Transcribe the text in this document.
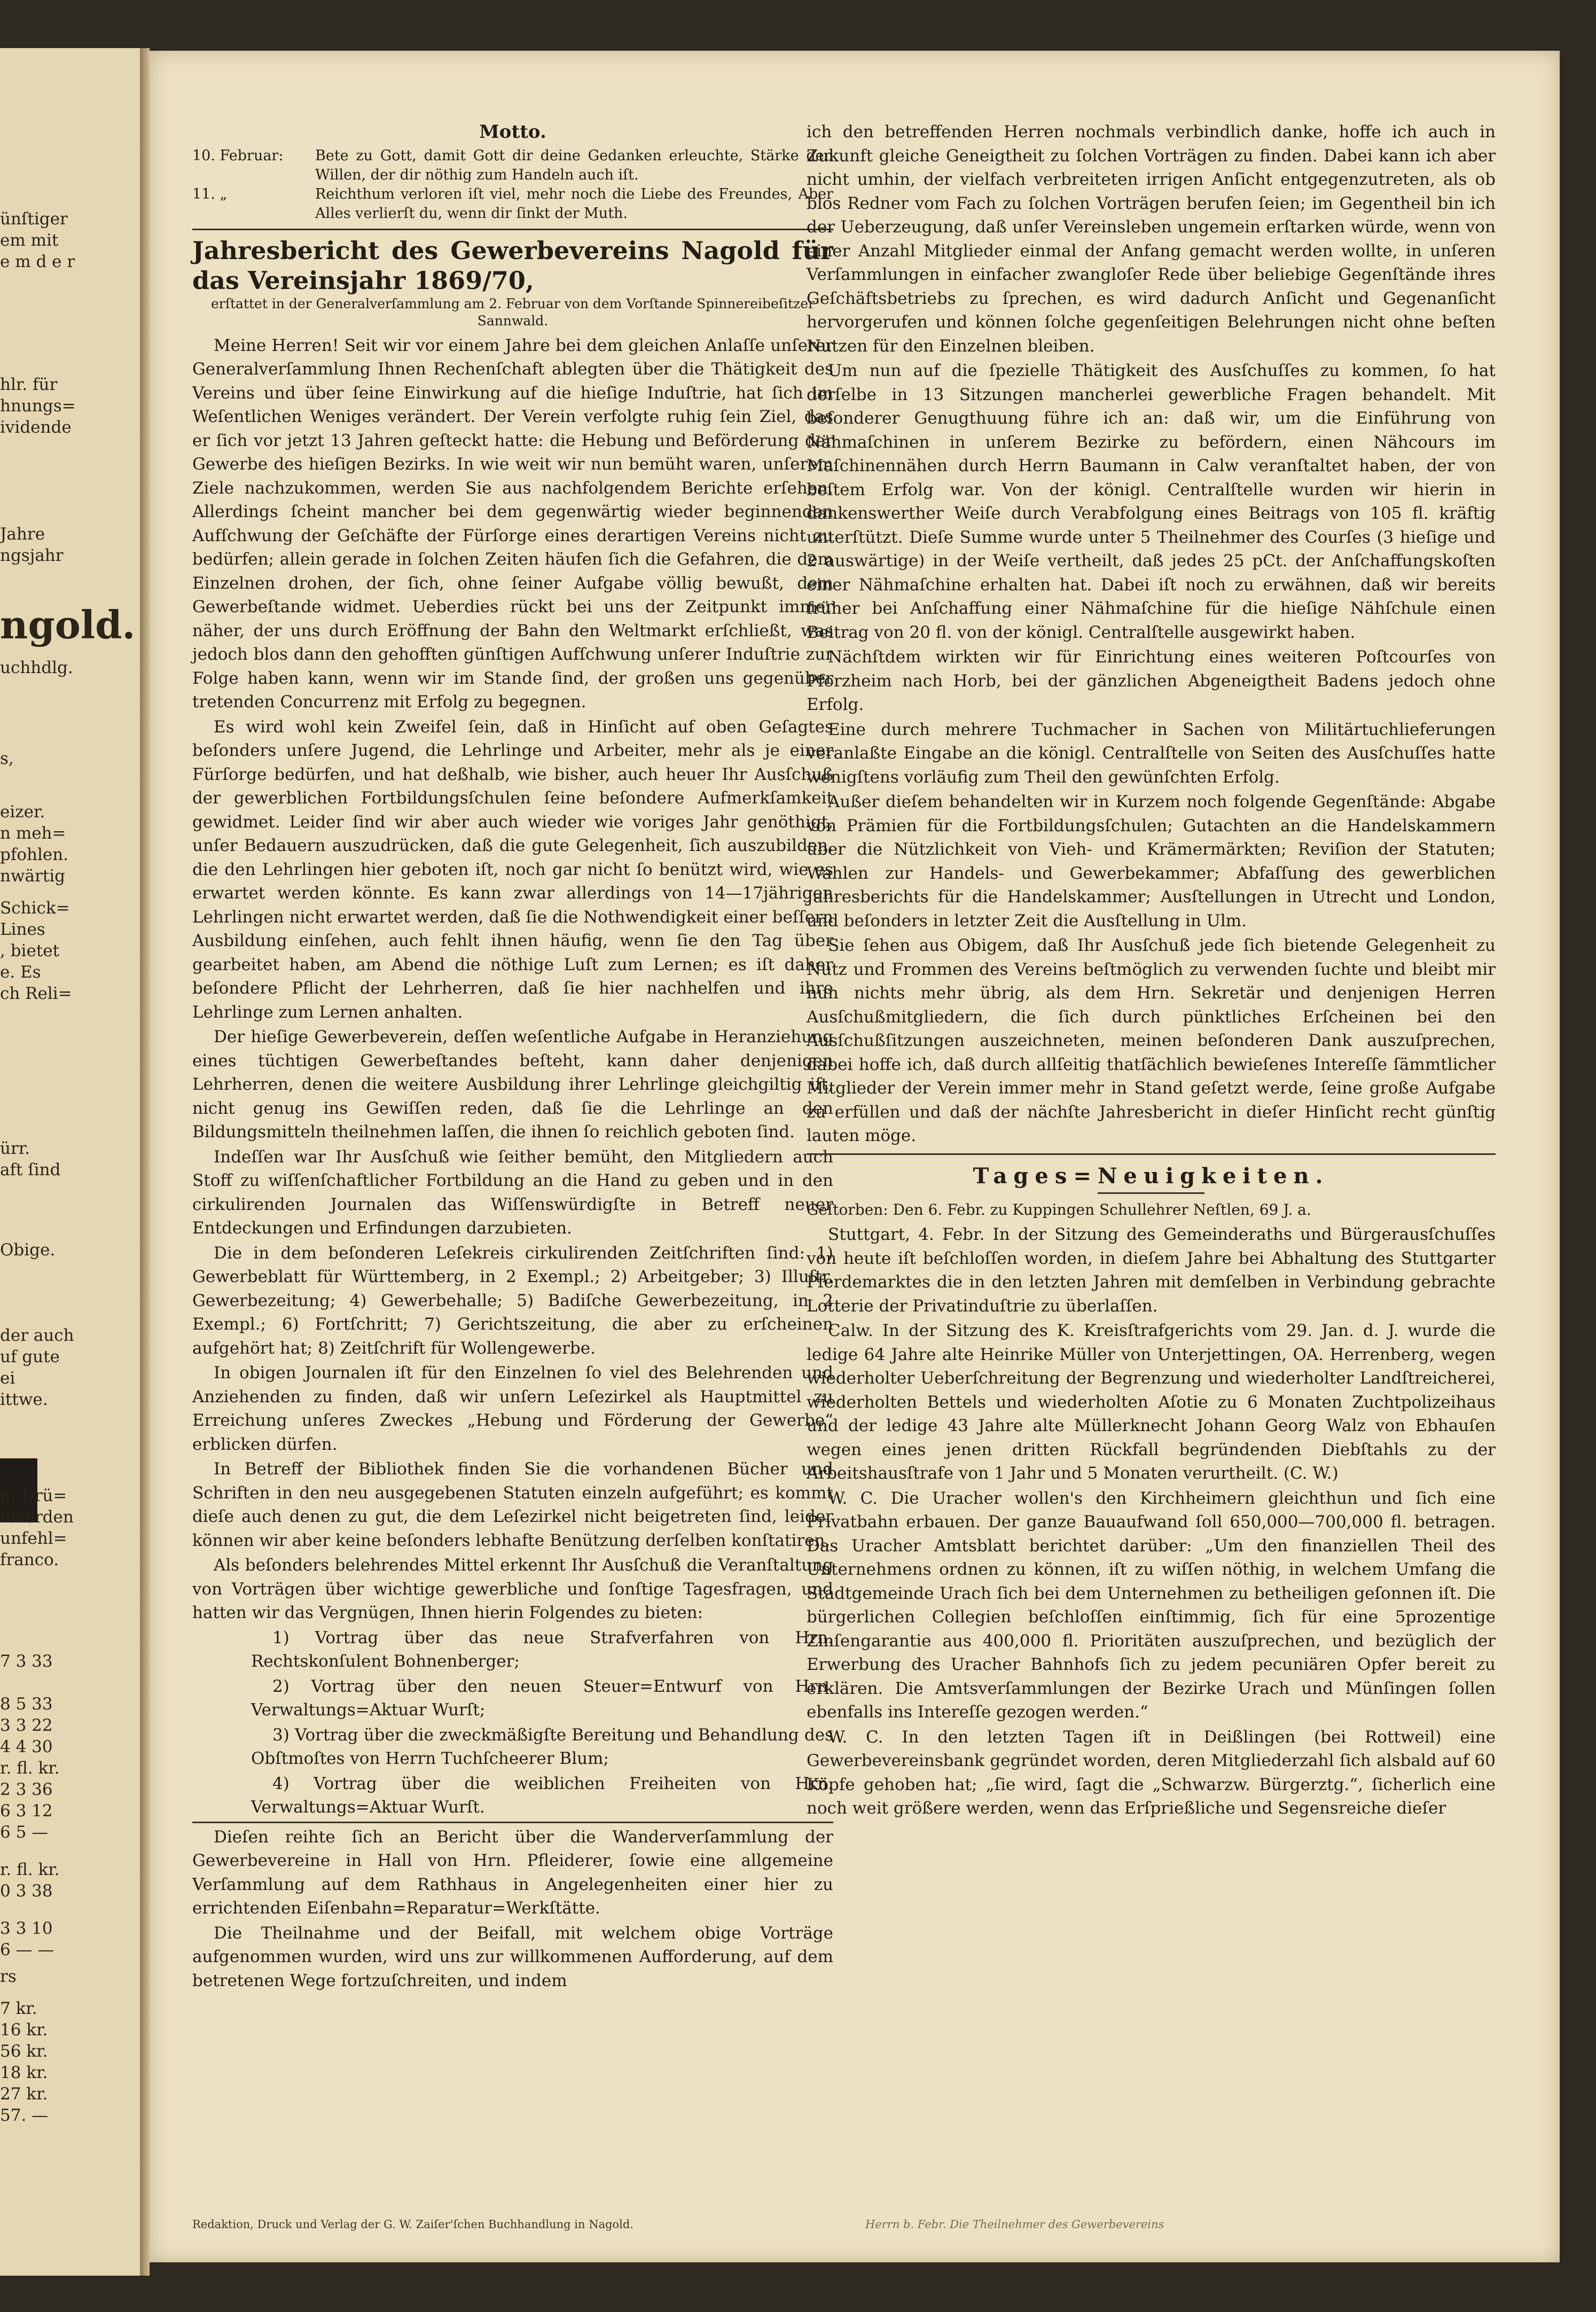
ünſtiger
em mit
e m d e r
hlr. für
hnungs=
ividende
Jahre
ngsjahr
ngold.
uchhdlg.
s,
eizer.
n meh=
pfohlen.
nwärtig
Schick=
Lines
, bietet
e. Es
ch Reli=
ürr.
aft ſind
Obige.
der auch
uf gute
ei
ittwe.
n, Drü=
hwerden
unfehl=
franco.
7 3 33
8 5 33
3 3 22
4 4 30
r. fl. kr.
2 3 36
6 3 12
6 5 —
r. fl. kr.
0 3 38
3 3 10
6 — —
rs
7 kr.
16 kr.
56 kr.
18 kr.
27 kr.
57. —
Motto.
10. Februar:	Bete zu Gott, damit Gott dir deine Gedanken erleuchte, Stärke den Willen, der dir nöthig zum Handeln auch iſt.
11. „	Reichthum verloren iſt viel, mehr noch die Liebe des Freundes, Aber Alles verlierſt du, wenn dir ſinkt der Muth.
Jahresbericht des Gewerbevereins Nagold für das Vereinsjahr 1869/70,
erſtattet in der Generalverſammlung am 2. Februar von dem Vorſtande Spinnereibeſitzer Sannwald.

Meine Herren! Seit wir vor einem Jahre bei dem gleichen Anlaſſe unſerer Generalverſammlung Ihnen Rechenſchaft ablegten über die Thätigkeit des Vereins und über ſeine Einwirkung auf die hieſige Induſtrie, hat ſich im Weſentlichen Weniges verändert. Der Verein verfolgte ruhig ſein Ziel, das er ſich vor jetzt 13 Jahren geſteckt hatte: die Hebung und Beförderung der Gewerbe des hieſigen Bezirks. In wie weit wir nun bemüht waren, unſerem Ziele nachzukommen, werden Sie aus nachfolgendem Berichte erſehen. Allerdings ſcheint mancher bei dem gegenwärtig wieder beginnenden Aufſchwung der Geſchäfte der Fürſorge eines derartigen Vereins nicht zu bedürfen; allein gerade in ſolchen Zeiten häufen ſich die Gefahren, die dem Einzelnen drohen, der ſich, ohne ſeiner Aufgabe völlig bewußt, dem Gewerbeſtande widmet. Ueberdies rückt bei uns der Zeitpunkt immer näher, der uns durch Eröffnung der Bahn den Weltmarkt erſchließt, was jedoch blos dann den gehofften günſtigen Aufſchwung unſerer Induſtrie zur Folge haben kann, wenn wir im Stande ſind, der großen uns gegenüber tretenden Concurrenz mit Erfolg zu begegnen.

Es wird wohl kein Zweifel ſein, daß in Hinſicht auf oben Geſagtes beſonders unſere Jugend, die Lehrlinge und Arbeiter, mehr als je einer Fürſorge bedürfen, und hat deßhalb, wie bisher, auch heuer Ihr Ausſchuß der gewerblichen Fortbildungsſchulen ſeine beſondere Aufmerkſamkeit gewidmet. Leider ſind wir aber auch wieder wie voriges Jahr genöthigt, unſer Bedauern auszudrücken, daß die gute Gelegenheit, ſich auszubilden, die den Lehrlingen hier geboten iſt, noch gar nicht ſo benützt wird, wie es erwartet werden könnte. Es kann zwar allerdings von 14—17jährigen Lehrlingen nicht erwartet werden, daß ſie die Nothwendigkeit einer beſſern Ausbildung einſehen, auch fehlt ihnen häufig, wenn ſie den Tag über gearbeitet haben, am Abend die nöthige Luſt zum Lernen; es iſt daher beſondere Pflicht der Lehrherren, daß ſie hier nachhelfen und ihre Lehrlinge zum Lernen anhalten.

Der hieſige Gewerbeverein, deſſen weſentliche Aufgabe in Heranziehung eines tüchtigen Gewerbeſtandes beſteht, kann daher denjenigen Lehrherren, denen die weitere Ausbildung ihrer Lehrlinge gleichgiltig iſt, nicht genug ins Gewiſſen reden, daß ſie die Lehrlinge an den Bildungsmitteln theilnehmen laſſen, die ihnen ſo reichlich geboten ſind.

Indeſſen war Ihr Ausſchuß wie ſeither bemüht, den Mitgliedern auch Stoff zu wiſſenſchaftlicher Fortbildung an die Hand zu geben und in den cirkulirenden Journalen das Wiſſenswürdigſte in Betreff neuer Entdeckungen und Erfindungen darzubieten.

Die in dem beſonderen Leſekreis cirkulirenden Zeitſchriften ſind: 1) Gewerbeblatt für Württemberg, in 2 Exempl.; 2) Arbeitgeber; 3) Illuſtr. Gewerbezeitung; 4) Gewerbehalle; 5) Badiſche Gewerbezeitung, in 2 Exempl.; 6) Fortſchritt; 7) Gerichtszeitung, die aber zu erſcheinen aufgehört hat; 8) Zeitſchrift für Wollengewerbe.

In obigen Journalen iſt für den Einzelnen ſo viel des Belehrenden und Anziehenden zu finden, daß wir unſern Leſezirkel als Hauptmittel zu Erreichung unſeres Zweckes „Hebung und Förderung der Gewerbe“ erblicken dürfen.

In Betreff der Bibliothek finden Sie die vorhandenen Bücher und Schriften in den neu ausgegebenen Statuten einzeln aufgeführt; es kommt dieſe auch denen zu gut, die dem Leſezirkel nicht beigetreten ſind, leider können wir aber keine beſonders lebhafte Benützung derſelben konſtatiren.

Als beſonders belehrendes Mittel erkennt Ihr Ausſchuß die Veranſtaltung von Vorträgen über wichtige gewerbliche und ſonſtige Tagesfragen, und hatten wir das Vergnügen, Ihnen hierin Folgendes zu bieten:

1) Vortrag über das neue Strafverfahren von Hrn. Rechtskonſulent Bohnenberger;

2) Vortrag über den neuen Steuer=Entwurf von Hrn. Verwaltungs=Aktuar Wurſt;

3) Vortrag über die zweckmäßigſte Bereitung und Behandlung des Obſtmoſtes von Herrn Tuchſcheerer Blum;

4) Vortrag über die weiblichen Freiheiten von Hrn. Verwaltungs=Aktuar Wurſt.

Dieſen reihte ſich an Bericht über die Wanderverſammlung der Gewerbevereine in Hall von Hrn. Pfleiderer, ſowie eine allgemeine Verſammlung auf dem Rathhaus in Angelegenheiten einer hier zu errichtenden Eiſenbahn=Reparatur=Werkſtätte.

Die Theilnahme und der Beifall, mit welchem obige Vorträge aufgenommen wurden, wird uns zur willkommenen Aufforderung, auf dem betretenen Wege fortzuſchreiten, und indem

ich den betreffenden Herren nochmals verbindlich danke, hoffe ich auch in Zukunft gleiche Geneigtheit zu ſolchen Vorträgen zu finden. Dabei kann ich aber nicht umhin, der vielfach verbreiteten irrigen Anſicht entgegenzutreten, als ob blos Redner vom Fach zu ſolchen Vorträgen berufen ſeien; im Gegentheil bin ich der Ueberzeugung, daß unſer Vereinsleben ungemein erſtarken würde, wenn von einer Anzahl Mitglieder einmal der Anfang gemacht werden wollte, in unſeren Verſammlungen in einfacher zwangloſer Rede über beliebige Gegenſtände ihres Geſchäftsbetriebs zu ſprechen, es wird dadurch Anſicht und Gegenanſicht hervorgerufen und können ſolche gegenſeitigen Belehrungen nicht ohne beſten Nutzen für den Einzelnen bleiben.

Um nun auf die ſpezielle Thätigkeit des Ausſchuſſes zu kommen, ſo hat derſelbe in 13 Sitzungen mancherlei gewerbliche Fragen behandelt. Mit beſonderer Genugthuung führe ich an: daß wir, um die Einführung von Nähmaſchinen in unſerem Bezirke zu befördern, einen Nähcours im Maſchinennähen durch Herrn Baumann in Calw veranſtaltet haben, der von beſtem Erfolg war. Von der königl. Centralſtelle wurden wir hierin in dankenswerther Weiſe durch Verabfolgung eines Beitrags von 105 fl. kräftig unterſtützt. Dieſe Summe wurde unter 5 Theilnehmer des Courſes (3 hieſige und 2 auswärtige) in der Weiſe vertheilt, daß jedes 25 pCt. der Anſchaffungskoſten einer Nähmaſchine erhalten hat. Dabei iſt noch zu erwähnen, daß wir bereits früher bei Anſchaffung einer Nähmaſchine für die hieſige Nähſchule einen Beitrag von 20 fl. von der königl. Centralſtelle ausgewirkt haben.

Nächſtdem wirkten wir für Einrichtung eines weiteren Poſtcourſes von Pforzheim nach Horb, bei der gänzlichen Abgeneigtheit Badens jedoch ohne Erfolg.

Eine durch mehrere Tuchmacher in Sachen von Militärtuchlieferungen veranlaßte Eingabe an die königl. Centralſtelle von Seiten des Ausſchuſſes hatte wenigſtens vorläufig zum Theil den gewünſchten Erfolg.

Außer dieſem behandelten wir in Kurzem noch folgende Gegenſtände: Abgabe von Prämien für die Fortbildungsſchulen; Gutachten an die Handelskammern über die Nützlichkeit von Vieh- und Krämermärkten; Reviſion der Statuten; Wahlen zur Handels- und Gewerbekammer; Abfaſſung des gewerblichen Jahresberichts für die Handelskammer; Ausſtellungen in Utrecht und London, und beſonders in letzter Zeit die Ausſtellung in Ulm.

Sie ſehen aus Obigem, daß Ihr Ausſchuß jede ſich bietende Gelegenheit zu Nutz und Frommen des Vereins beſtmöglich zu verwenden ſuchte und bleibt mir nun nichts mehr übrig, als dem Hrn. Sekretär und denjenigen Herren Ausſchußmitgliedern, die ſich durch pünktliches Erſcheinen bei den Ausſchußſitzungen auszeichneten, meinen beſonderen Dank auszuſprechen, dabei hoffe ich, daß durch allſeitig thatſächlich bewieſenes Intereſſe ſämmtlicher Mitglieder der Verein immer mehr in Stand geſetzt werde, ſeine große Aufgabe zu erfüllen und daß der nächſte Jahresbericht in dieſer Hinſicht recht günſtig lauten möge.

Tages=Neuigkeiten.
Geſtorben: Den 6. Febr. zu Kuppingen Schullehrer Neſtlen, 69 J. a.

Stuttgart, 4. Febr. In der Sitzung des Gemeinderaths und Bürgerausſchuſſes von heute iſt beſchloſſen worden, in dieſem Jahre bei Abhaltung des Stuttgarter Pferdemarktes die in den letzten Jahren mit demſelben in Verbindung gebrachte Lotterie der Privatinduſtrie zu überlaſſen.

Calw. In der Sitzung des K. Kreisſtrafgerichts vom 29. Jan. d. J. wurde die ledige 64 Jahre alte Heinrike Müller von Unterjettingen, OA. Herrenberg, wegen wiederholter Ueberſchreitung der Begrenzung und wiederholter Landſtreicherei, wiederholten Bettels und wiederholten Aſotie zu 6 Monaten Zuchtpolizeihaus und der ledige 43 Jahre alte Müllerknecht Johann Georg Walz von Ebhauſen wegen eines jenen dritten Rückfall begründenden Diebſtahls zu der Arbeitshausſtrafe von 1 Jahr und 5 Monaten verurtheilt. (C. W.)

W. C. Die Uracher wollen's den Kirchheimern gleichthun und ſich eine Privatbahn erbauen. Der ganze Bauaufwand ſoll 650,000—700,000 fl. betragen. Das Uracher Amtsblatt berichtet darüber: „Um den finanziellen Theil des Unternehmens ordnen zu können, iſt zu wiſſen nöthig, in welchem Umfang die Stadtgemeinde Urach ſich bei dem Unternehmen zu betheiligen geſonnen iſt. Die bürgerlichen Collegien beſchloſſen einſtimmig, ſich für eine 5prozentige Zinſengarantie aus 400,000 fl. Prioritäten auszuſprechen, und bezüglich der Erwerbung des Uracher Bahnhofs ſich zu jedem pecuniären Opfer bereit zu erklären. Die Amtsverſammlungen der Bezirke Urach und Münſingen ſollen ebenfalls ins Intereſſe gezogen werden.“

W. C. In den letzten Tagen iſt in Deißlingen (bei Rottweil) eine Gewerbevereinsbank gegründet worden, deren Mitgliederzahl ſich alsbald auf 60 Köpfe gehoben hat; „ſie wird, ſagt die „Schwarzw. Bürgerztg.“, ſicherlich eine noch weit größere werden, wenn das Erſprießliche und Segensreiche dieſer

Redaktion, Druck und Verlag der G. W. Zaiſer'ſchen Buchhandlung in Nagold.	Herrn b. Febr. Die Theilnehmer des Gewerbevereins
